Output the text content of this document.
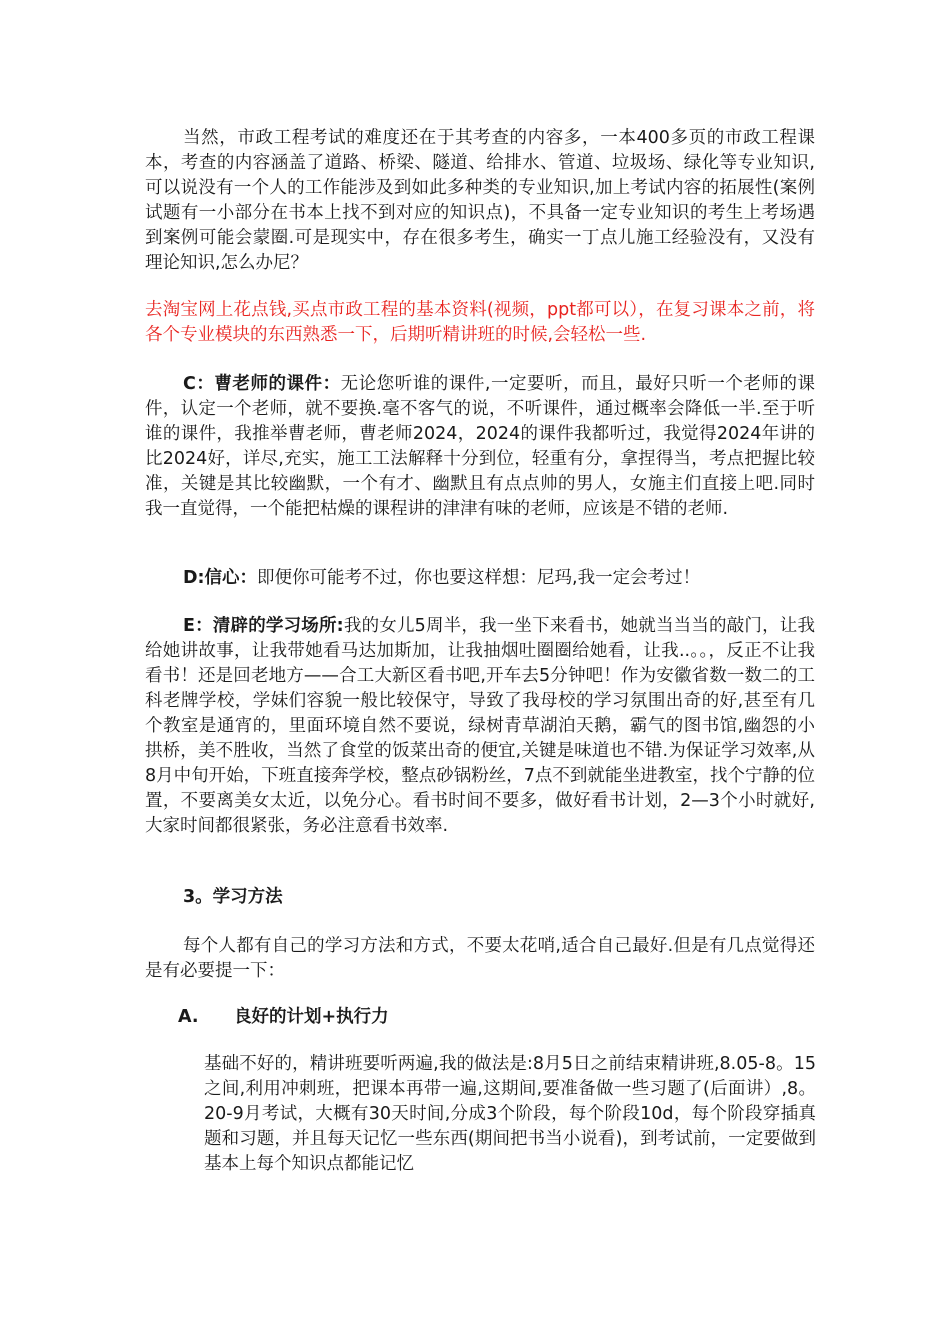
当然，市政工程考试的难度还在于其考查的内容多，一本400多页的市政工程课本，考查的内容涵盖了道路、桥梁、隧道、给排水、管道、垃圾场、绿化等专业知识,可以说没有一个人的工作能涉及到如此多种类的专业知识,加上考试内容的拓展性(案例试题有一小部分在书本上找不到对应的知识点)，不具备一定专业知识的考生上考场遇到案例可能会蒙圈.可是现实中，存在很多考生，确实一丁点儿施工经验没有，又没有理论知识,怎么办尼？

去淘宝网上花点钱,买点市政工程的基本资料(视频，ppt都可以），在复习课本之前，将各个专业模块的东西熟悉一下，后期听精讲班的时候,会轻松一些.

C：曹老师的课件：无论您听谁的课件,一定要听，而且，最好只听一个老师的课件，认定一个老师，就不要换.毫不客气的说，不听课件，通过概率会降低一半.至于听谁的课件，我推举曹老师，曹老师2024，2024的课件我都听过，我觉得2024年讲的比2024好，详尽,充实，施工工法解释十分到位，轻重有分，拿捏得当，考点把握比较准，关键是其比较幽默，一个有才、幽默且有点点帅的男人，女施主们直接上吧.同时我一直觉得，一个能把枯燥的课程讲的津津有味的老师，应该是不错的老师.

D:信心：即便你可能考不过，你也要这样想：尼玛,我一定会考过！

E：清辟的学习场所:我的女儿5周半，我一坐下来看书，她就当当当的敲门，让我给她讲故事，让我带她看马达加斯加，让我抽烟吐圈圈给她看，让我..。。，反正不让我看书！还是回老地方——合工大新区看书吧,开车去5分钟吧！作为安徽省数一数二的工科老牌学校，学妹们容貌一般比较保守，导致了我母校的学习氛围出奇的好,甚至有几个教室是通宵的，里面环境自然不要说，绿树青草湖泊天鹅，霸气的图书馆,幽怨的小拱桥，美不胜收，当然了食堂的饭菜出奇的便宜,关键是味道也不错.为保证学习效率,从8月中旬开始，下班直接奔学校，整点砂锅粉丝，7点不到就能坐进教室，找个宁静的位置，不要离美女太近，以免分心。看书时间不要多，做好看书计划，2—3个小时就好,大家时间都很紧张，务必注意看书效率.

3。学习方法

每个人都有自己的学习方法和方式，不要太花哨,适合自己最好.但是有几点觉得还是有必要提一下：

A. 良好的计划+执行力

基础不好的，精讲班要听两遍,我的做法是:8月5日之前结束精讲班,8.05-8。15之间,利用冲刺班，把课本再带一遍,这期间,要准备做一些习题了(后面讲）,8。20-9月考试，大概有30天时间,分成3个阶段，每个阶段10d，每个阶段穿插真题和习题，并且每天记忆一些东西(期间把书当小说看)，到考试前，一定要做到基本上每个知识点都能记忆
